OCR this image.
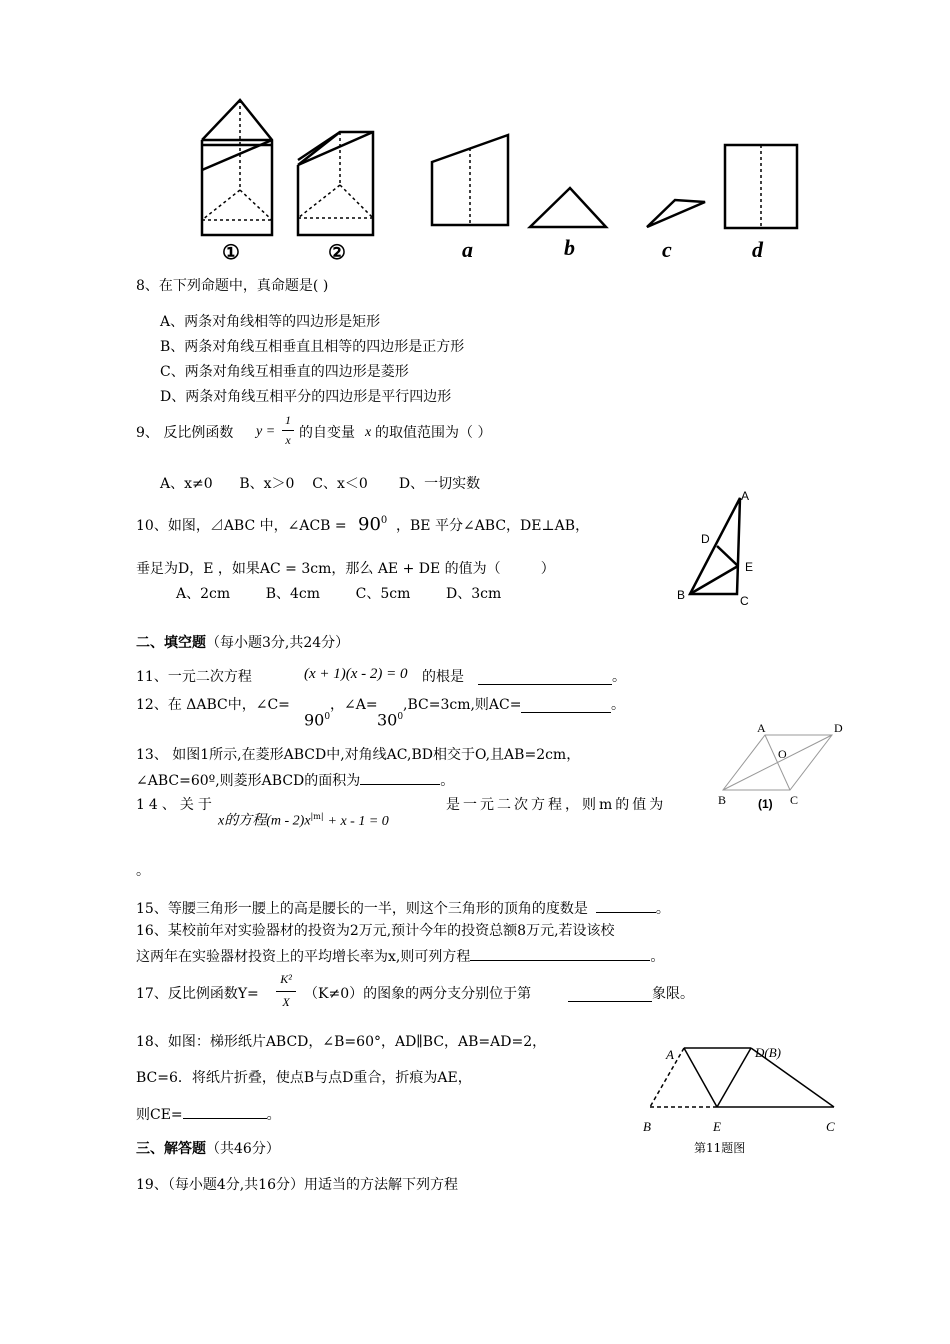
①	②	a	b	c	d
8、在下列命题中，真命题是( )
A、两条对角线相等的四边形是矩形
B、两条对角线互相垂直且相等的四边形是正方形
C、两条对角线互相垂直的四边形是菱形
D、两条对角线互相平分的四边形是平行四边形
9、 反比例函数 y =
1
x 的自变量 x 的取值范围为（ ）
A、x≠0      B、x＞0    C、x＜0       D、一切实数
10、如图，⊿ABC 中，∠ACB = $90^0$ ，BE 平分∠ABC，DE⊥AB，
垂足为D，E ，如果AC = 3cm，那么 AE + DE 的值为（         ）
A、2cm        B、4cm        C、5cm        D、3cm
A
D
E
B	C
二、填空题（每小题3分,共24分）
11、一元二次方程	(x + 1)(x - 2) = 0 的根是	。
12、在 ΔABC中，∠C=
$90^0$
，∠A=
$30^0$
,BC=3cm,则AC=	。
13、 如图1所示,在菱形ABCD中,对角线AC,BD相交于O,且AB=2cm，
∠ABC=60º,则菱形ABCD的面积为	。
A	D
O
B	C
(1)
14、关于
x的方程$(m - 2)x^{|m|} + x - 1 = 0$
是一元二次方程，则m的值为
。
15、等腰三角形一腰上的高是腰长的一半，则这个三角形的顶角的度数是	。
16、某校前年对实验器材的投资为2万元,预计今年的投资总额8万元,若设该校
这两年在实验器材投资上的平均增长率为x,则可列方程	。
17、反比例函数Y=
K²
X	（K≠0）的图象的两分支分别位于第	象限。
18、如图：梯形纸片ABCD，∠B=60°，AD∥BC，AB=AD=2，
BC=6．将纸片折叠，使点B与点D重合，折痕为AE，
则CE=	。
A	D(B)
B	E	C
第11题图
三、解答题（共46分）
19、（每小题4分,共16分）用适当的方法解下列方程
